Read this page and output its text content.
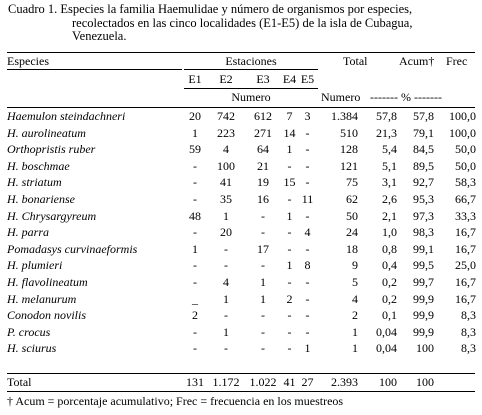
Cuadro 1. Especies la familia Haemulidae y número de organismos por especies,
recolectados en las cinco localidades (E1-E5) de la isla de Cubagua,
Venezuela.
Especies	Estaciones	Total	Acum† Frec
E1	E2	E3	E4 E5
Numero	Numero ------- % -------
Haemulon steindachneri	20	742	612	7	3	1.384	57,8	57,8	100,0
H. aurolineatum	1	223	271 14 -	510	21,3	79,1	100,0
Orthopristis ruber	59	4	64	1	-	128	5,4	84,5	50,0
H. boschmae	-	100	21	-	-	121	5,1	89,5	50,0
H. striatum	-	41	19	15 -	75	3,1	92,7	58,3
H. bonariense	-	35	16	- 11	62	2,6	95,3	66,7
H. Chrysargyreum	48	1	-	1	-	50	2,1	97,3	33,3
H. parra	-	20	-	-	4	24	1,0	98,3	16,7
Pomadasys curvinaeformis	1	-	17	-	-	18	0,8	99,1	16,7
H. plumieri	-	-	-	1	8	9	0,4	99,5	25,0
H. flavolineatum	-	4	1	-	-	5	0,2	99,7	16,7
H. melanurum	_	1	1	2	-	4	0,2	99,9	16,7
Conodon novilis	2	-	-	-	-	2	0,1	99,9	8,3
P. crocus	-	1	-	-	-	1	0,04	99,9	8,3
H. sciurus	-	-	-	-	1	1	0,04	100	8,3
Total	131 1.172 1.022 41 27	2.393	100	100
† Acum = porcentaje acumulativo; Frec = frecuencia en los muestreos
